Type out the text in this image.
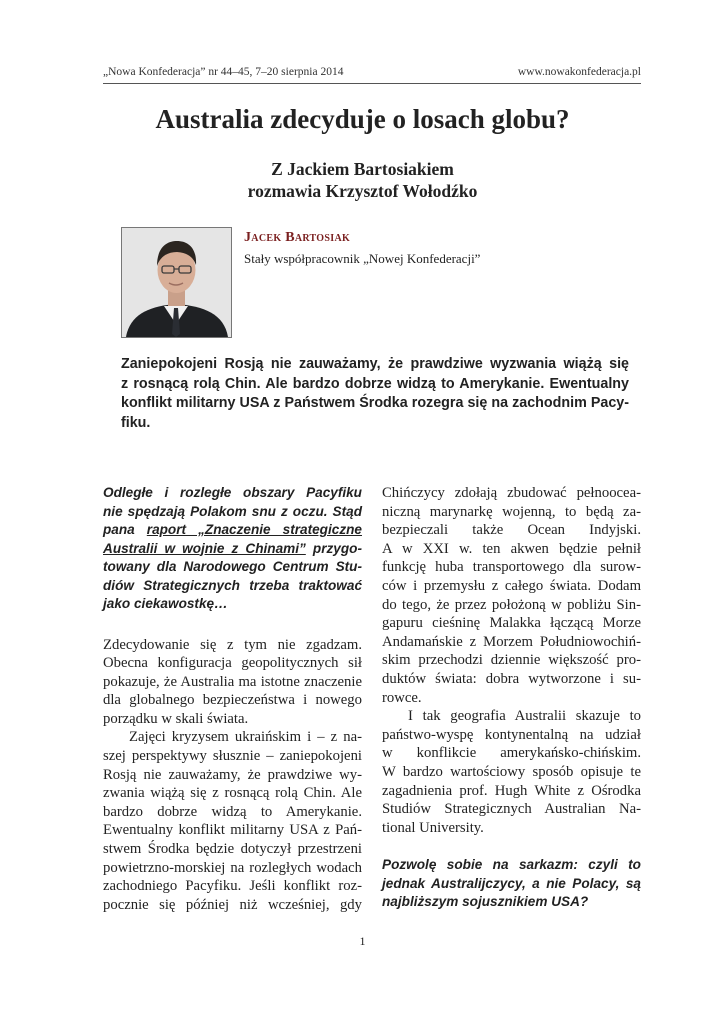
„Nowa Konfederacja” nr 44–45, 7–20 sierpnia 2014	www.nowakonfederacja.pl
Australia zdecyduje o losach globu?
Z Jackiem Bartosiakiem
rozmawia Krzysztof Wołodźko
Jacek Bartosiak
Stały współpracownik „Nowej Konfederacji”
Zaniepokojeni Rosją nie zauważamy, że prawdziwe wyzwania wiążą się
z rosnącą rolą Chin. Ale bardzo dobrze widzą to Amerykanie. Ewentualny
konflikt militarny USA z Państwem Środka rozegra się na zachodnim Pacy-
fiku.
Odległe i rozległe obszary Pacyfiku
nie spędzają Polakom snu z oczu. Stąd
pana raport „Znaczenie strategiczne
Australii w wojnie z Chinami” przygo-
towany dla Narodowego Centrum Stu-
diów Strategicznych trzeba traktować
jako ciekawostkę…
Zdecydowanie się z tym nie zgadzam.
Obecna konfiguracja geopolitycznych sił
pokazuje, że Australia ma istotne znaczenie
dla globalnego bezpieczeństwa i nowego
porządku w skali świata.
Zajęci kryzysem ukraińskim i – z na-
szej perspektywy słusznie – zaniepokojeni
Rosją nie zauważamy, że prawdziwe wy-
zwania wiążą się z rosnącą rolą Chin. Ale
bardzo dobrze widzą to Amerykanie.
Ewentualny konflikt militarny USA z Pań-
stwem Środka będzie dotyczył przestrzeni
powietrzno-morskiej na rozległych wodach
zachodniego Pacyfiku. Jeśli konflikt roz-
pocznie się później niż wcześniej, gdy
Chińczycy zdołają zbudować pełnoocea-
niczną marynarkę wojenną, to będą za-
bezpieczali także Ocean Indyjski.
A w XXI w. ten akwen będzie pełnił
funkcję huba transportowego dla surow-
ców i przemysłu z całego świata. Dodam
do tego, że przez położoną w pobliżu Sin-
gapuru cieśninę Malakka łączącą Morze
Andamańskie z Morzem Południowochiń-
skim przechodzi dziennie większość pro-
duktów świata: dobra wytworzone i su-
rowce.
I tak geografia Australii skazuje to
państwo-wyspę kontynentalną na udział
w konflikcie amerykańsko-chińskim.
W bardzo wartościowy sposób opisuje te
zagadnienia prof. Hugh White z Ośrodka
Studiów Strategicznych Australian Na-
tional University.
Pozwolę sobie na sarkazm: czyli to
jednak Australijczycy, a nie Polacy, są
najbliższym sojusznikiem USA?
1
